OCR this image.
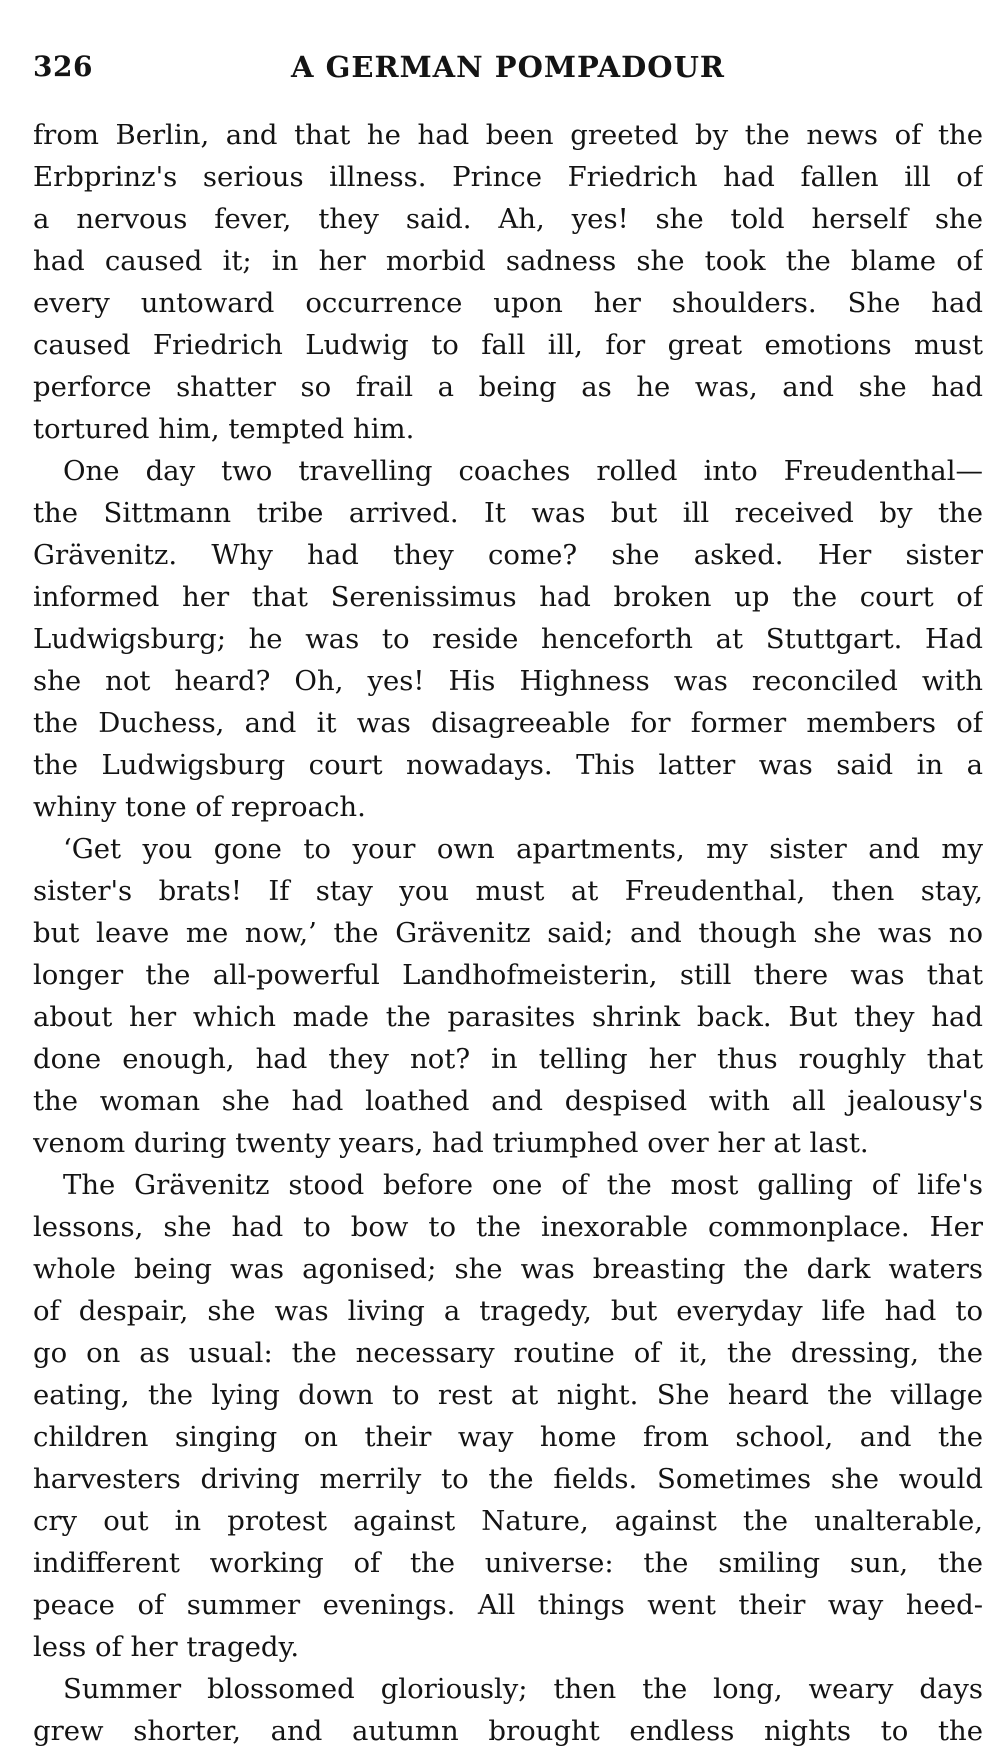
326	A GERMAN POMPADOUR
from Berlin, and that he had been greeted by the news of the
Erbprinz's serious illness. Prince Friedrich had fallen ill of
a nervous fever, they said. Ah, yes! she told herself she
had caused it; in her morbid sadness she took the blame of
every untoward occurrence upon her shoulders. She had
caused Friedrich Ludwig to fall ill, for great emotions must
perforce shatter so frail a being as he was, and she had
tortured him, tempted him.
One day two travelling coaches rolled into Freudenthal—
the Sittmann tribe arrived. It was but ill received by the
Grävenitz. Why had they come? she asked. Her sister
informed her that Serenissimus had broken up the court of
Ludwigsburg; he was to reside henceforth at Stuttgart. Had
she not heard? Oh, yes! His Highness was reconciled with
the Duchess, and it was disagreeable for former members of
the Ludwigsburg court nowadays. This latter was said in a
whiny tone of reproach.
‘Get you gone to your own apartments, my sister and my
sister's brats! If stay you must at Freudenthal, then stay,
but leave me now,’ the Grävenitz said; and though she was no
longer the all-powerful Landhofmeisterin, still there was that
about her which made the parasites shrink back. But they had
done enough, had they not? in telling her thus roughly that
the woman she had loathed and despised with all jealousy's
venom during twenty years, had triumphed over her at last.
The Grävenitz stood before one of the most galling of life's
lessons, she had to bow to the inexorable commonplace. Her
whole being was agonised; she was breasting the dark waters
of despair, she was living a tragedy, but everyday life had to
go on as usual: the necessary routine of it, the dressing, the
eating, the lying down to rest at night. She heard the village
children singing on their way home from school, and the
harvesters driving merrily to the fields. Sometimes she would
cry out in protest against Nature, against the unalterable,
indifferent working of the universe: the smiling sun, the
peace of summer evenings. All things went their way heed-
less of her tragedy.
Summer blossomed gloriously; then the long, weary days
grew shorter, and autumn brought endless nights to the
